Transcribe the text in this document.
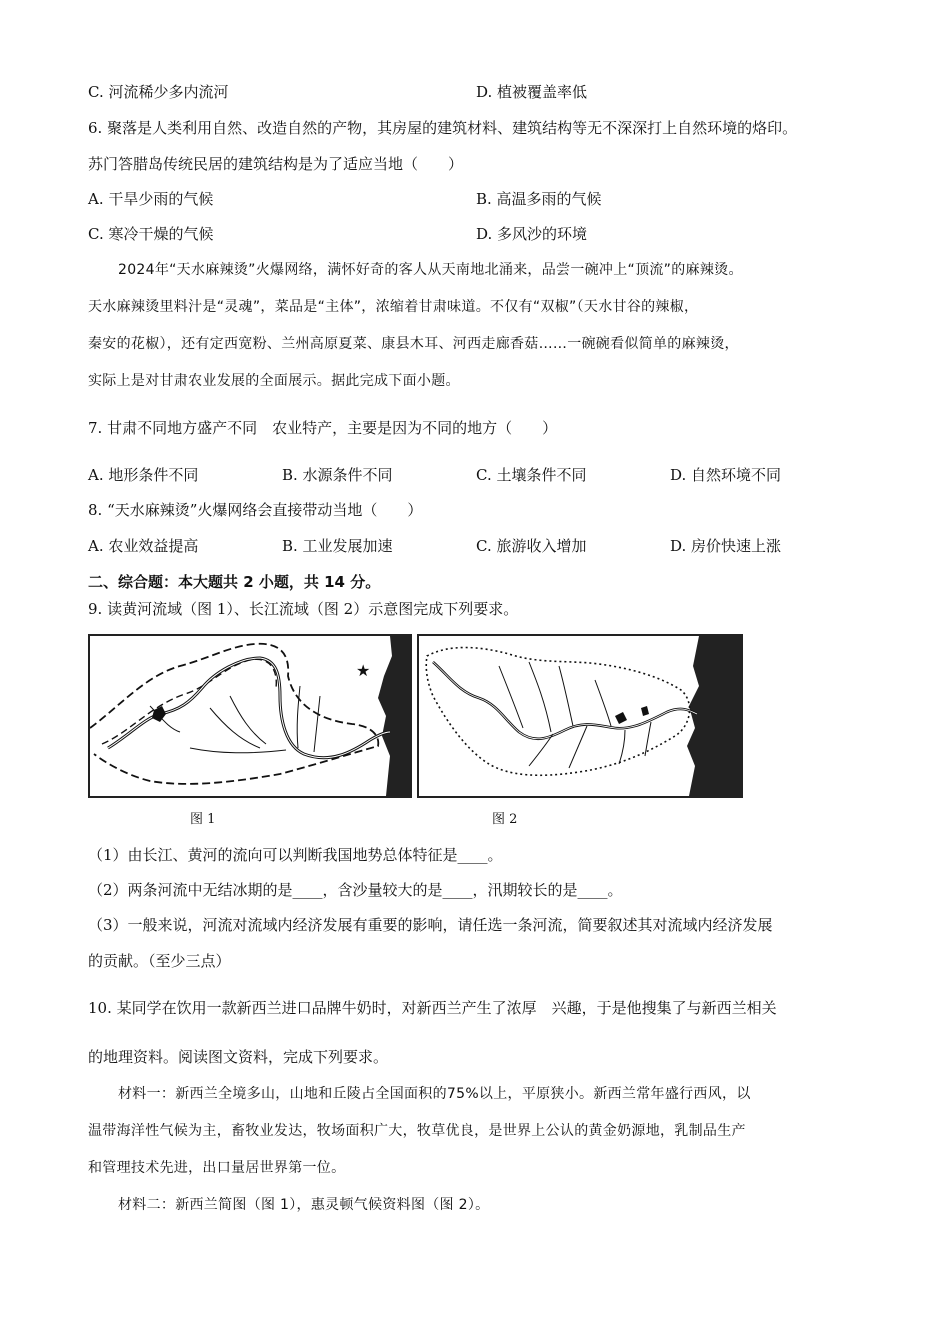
C. 河流稀少多内流河	D. 植被覆盖率低
6. 聚落是人类利用自然、改造自然的产物，其房屋的建筑材料、建筑结构等无不深深打上自然环境的烙印。
苏门答腊岛传统民居的建筑结构是为了适应当地（　　）
A. 干旱少雨的气候	B. 高温多雨的气候
C. 寒冷干燥的气候	D. 多风沙的环境
2024年“天水麻辣烫”火爆网络，满怀好奇的客人从天南地北涌来，品尝一碗冲上“顶流”的麻辣烫。
天水麻辣烫里料汁是“灵魂”，菜品是“主体”，浓缩着甘肃味道。不仅有“双椒”（天水甘谷的辣椒，
秦安的花椒），还有定西宽粉、兰州高原夏菜、康县木耳、河西走廊香菇……一碗碗看似简单的麻辣烫，
实际上是对甘肃农业发展的全面展示。据此完成下面小题。
7. 甘肃不同地方盛产不同　农业特产，主要是因为不同的地方（　　）
A. 地形条件不同	B. 水源条件不同	C. 土壤条件不同	D. 自然环境不同
8. “天水麻辣烫”火爆网络会直接带动当地（　　）
A. 农业效益提高	B. 工业发展加速	C. 旅游收入增加	D. 房价快速上涨
二、综合题：本大题共 2 小题，共 14 分。
9. 读黄河流域（图 1）、长江流域（图 2）示意图完成下列要求。
★
图 1	图 2
（1）由长江、黄河的流向可以判断我国地势总体特征是____。
（2）两条河流中无结冰期的是____，含沙量较大的是____，汛期较长的是____。
（3）一般来说，河流对流域内经济发展有重要的影响，请任选一条河流，简要叙述其对流域内经济发展
的贡献。（至少三点）
10. 某同学在饮用一款新西兰进口品牌牛奶时，对新西兰产生了浓厚　兴趣，于是他搜集了与新西兰相关
的地理资料。阅读图文资料，完成下列要求。
材料一：新西兰全境多山，山地和丘陵占全国面积的75%以上，平原狭小。新西兰常年盛行西风，以
温带海洋性气候为主，畜牧业发达，牧场面积广大，牧草优良，是世界上公认的黄金奶源地，乳制品生产
和管理技术先进，出口量居世界第一位。
材料二：新西兰简图（图 1），惠灵顿气候资料图（图 2）。
